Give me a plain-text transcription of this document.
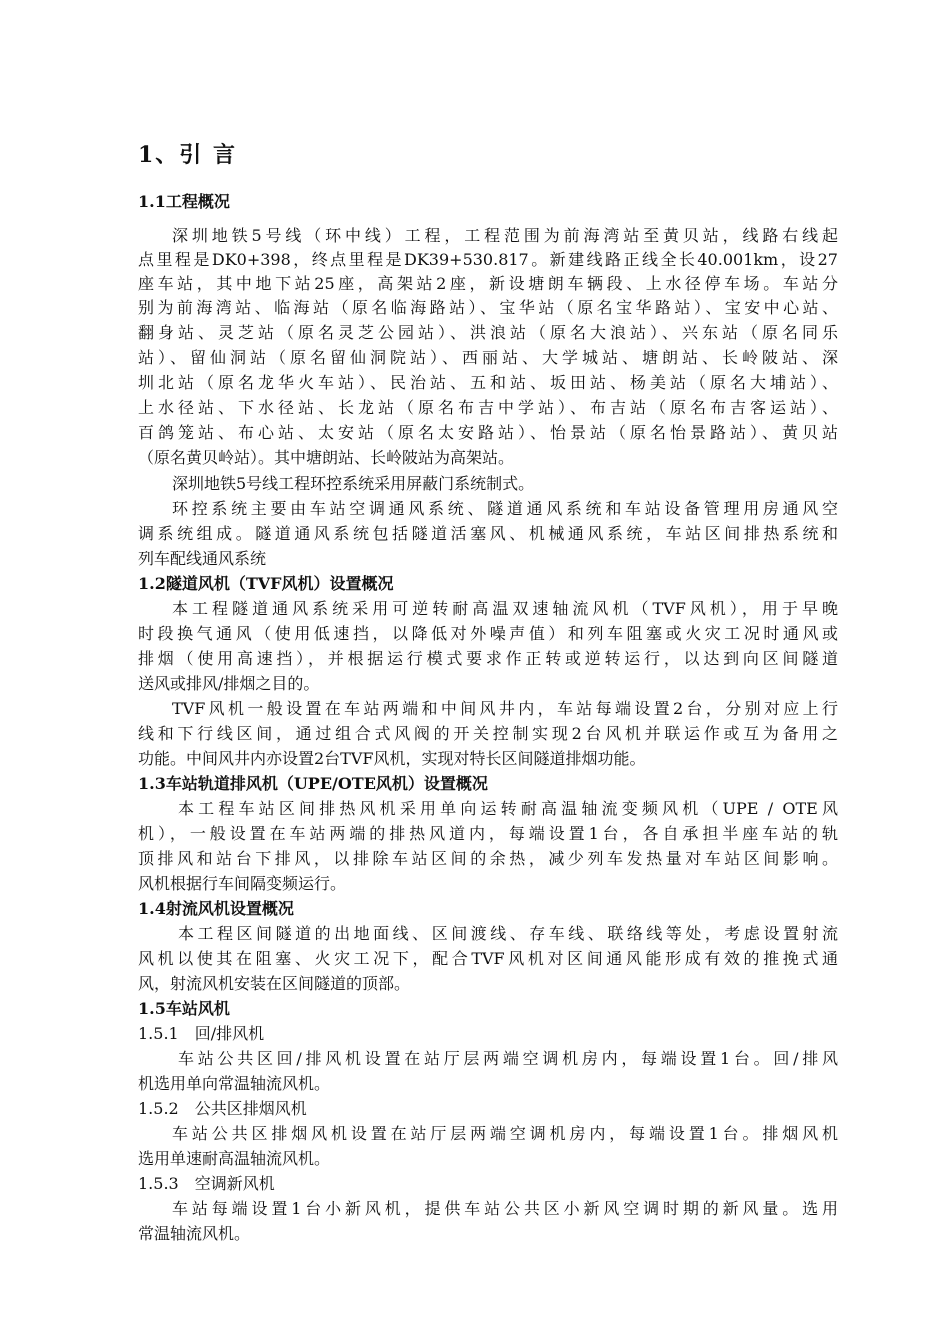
1、引 言
1.1工程概况
深圳地铁5号线（环中线）工程，工程范围为前海湾站至黄贝站，线路右线起
点里程是DK0+398，终点里程是DK39+530.817。新建线路正线全长40.001km，设27
座车站，其中地下站25座，高架站2座，新设塘朗车辆段、上水径停车场。车站分
别为前海湾站、临海站（原名临海路站）、宝华站（原名宝华路站）、宝安中心站、
翻身站、灵芝站（原名灵芝公园站）、洪浪站（原名大浪站）、兴东站（原名同乐
站）、留仙洞站（原名留仙洞院站）、西丽站、大学城站、塘朗站、长岭陂站、深
圳北站（原名龙华火车站）、民治站、五和站、坂田站、杨美站（原名大埔站）、
上水径站、下水径站、长龙站（原名布吉中学站）、布吉站（原名布吉客运站）、
百鸽笼站、布心站、太安站（原名太安路站）、怡景站（原名怡景路站）、黄贝站
（原名黄贝岭站）。其中塘朗站、长岭陂站为高架站。
深圳地铁5号线工程环控系统采用屏蔽门系统制式。
环控系统主要由车站空调通风系统、隧道通风系统和车站设备管理用房通风空
调系统组成。隧道通风系统包括隧道活塞风、机械通风系统，车站区间排热系统和
列车配线通风系统
1.2隧道风机（TVF风机）设置概况
本工程隧道通风系统采用可逆转耐高温双速轴流风机（TVF风机），用于早晚
时段换气通风（使用低速挡，以降低对外噪声值）和列车阻塞或火灾工况时通风或
排烟（使用高速挡），并根据运行模式要求作正转或逆转运行，以达到向区间隧道
送风或排风/排烟之目的。
TVF风机一般设置在车站两端和中间风井内，车站每端设置2台，分别对应上行
线和下行线区间，通过组合式风阀的开关控制实现2台风机并联运作或互为备用之
功能。中间风井内亦设置2台TVF风机，实现对特长区间隧道排烟功能。
1.3车站轨道排风机（UPE/OTE风机）设置概况
本工程车站区间排热风机采用单向运转耐高温轴流变频风机（UPE / OTE风
机），一般设置在车站两端的排热风道内，每端设置1台，各自承担半座车站的轨
顶排风和站台下排风，以排除车站区间的余热，减少列车发热量对车站区间影响。
风机根据行车间隔变频运行。
1.4射流风机设置概况
本工程区间隧道的出地面线、区间渡线、存车线、联络线等处，考虑设置射流
风机以使其在阻塞、火灾工况下，配合TVF风机对区间通风能形成有效的推挽式通
风，射流风机安装在区间隧道的顶部。
1.5车站风机
1.5.1　回/排风机
车站公共区回/排风机设置在站厅层两端空调机房内，每端设置1台。回/排风
机选用单向常温轴流风机。
1.5.2　公共区排烟风机
车站公共区排烟风机设置在站厅层两端空调机房内，每端设置1台。排烟风机
选用单速耐高温轴流风机。
1.5.3　空调新风机
车站每端设置1台小新风机，提供车站公共区小新风空调时期的新风量。选用
常温轴流风机。
